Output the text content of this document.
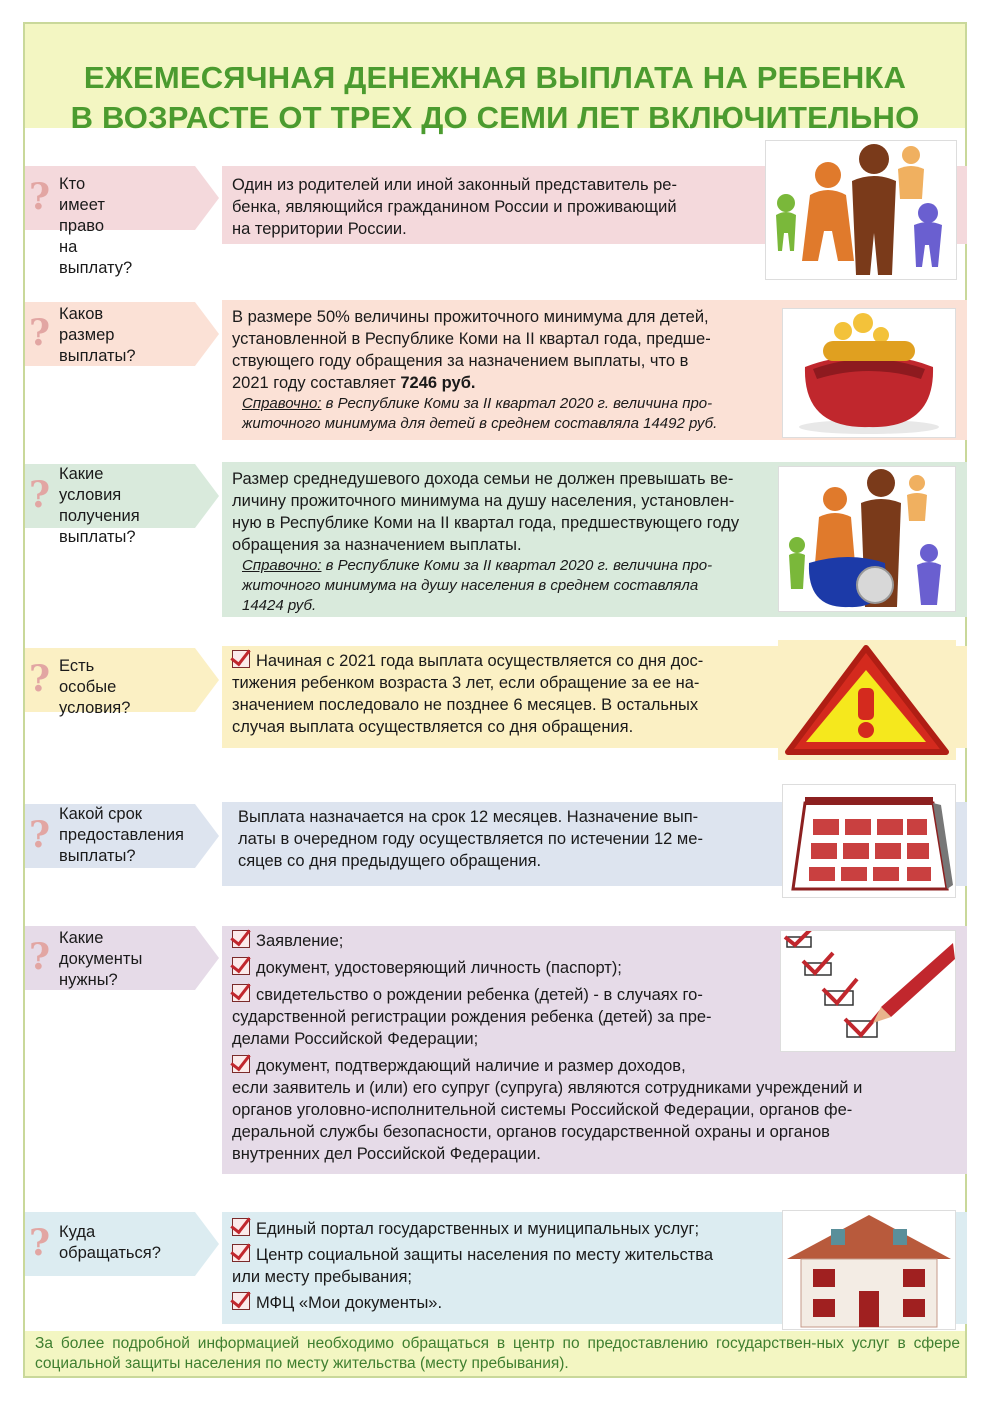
ЕЖЕМЕСЯЧНАЯ ДЕНЕЖНАЯ ВЫПЛАТА НА РЕБЕНКА
В ВОЗРАСТЕ ОТ ТРЕХ ДО СЕМИ ЛЕТ ВКЛЮЧИТЕЛЬНО
? Кто имеет
право
на выплату?

Один из родителей или иной законный представитель ре-

бенка, являющийся гражданином России и проживающий

на территории России.

? Каков
размер
выплаты?

В размере 50% величины прожиточного минимума для детей,

установленной в Республике Коми на II квартал года, предше-

ствующего году обращения за назначением выплаты, что в

2021 году составляет 7246 руб.

Справочно: в Республике Коми за II квартал 2020 г. величина про-

житочного минимума для детей в среднем составляла 14492 руб.

? Какие условия
получения
выплаты?

Размер среднедушевого дохода семьи не должен превышать ве-

личину прожиточного минимума на душу населения, установлен-

ную в Республике Коми на II квартал года, предшествующего году

обращения за назначением выплаты.

Справочно: в Республике Коми за II квартал 2020 г. величина про-

житочного минимума на душу населения в среднем составляла

14424 руб.

? Есть особые
условия?

Начиная с 2021 года выплата осуществляется со дня дос-

тижения ребенком возраста 3 лет, если обращение за ее на-

значением последовало не позднее 6 месяцев. В остальных

случая выплата осуществляется со дня обращения.

? Какой срок
предоставления
выплаты?

Выплата назначается на срок 12 месяцев. Назначение вып-

латы в очередном году осуществляется по истечении 12 ме-

сяцев со дня предыдущего обращения.

? Какие
документы
нужны?

Заявление;

документ, удостоверяющий личность (паспорт);

свидетельство о рождении ребенка (детей) - в случаях го-

сударственной регистрации рождения ребенка (детей) за пре-

делами Российской Федерации;

документ, подтверждающий наличие и размер доходов,

если заявитель и (или) его супруг (супруга) являются сотрудниками учреждений и

органов уголовно-исполнительной системы Российской Федерации, органов фе-

деральной службы безопасности, органов государственной охраны и органов

внутренних дел Российской Федерации.

? Куда
обращаться?

Единый портал государственных и муниципальных услуг;

Центр социальной защиты населения по месту жительства

или месту пребывания;

МФЦ «Мои документы».

За более подробной информацией необходимо обращаться в центр по предоставлению государствен-ных услуг в сфере социальной защиты населения по месту жительства (месту пребывания).
